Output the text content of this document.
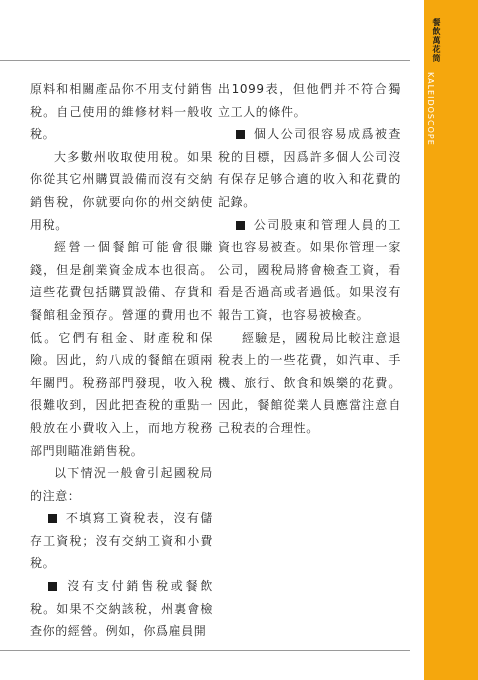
餐飲萬花筒
KALEIDOSCOPE

原料和相關產品你不用支付銷售稅。自己使用的維修材料一般收稅。

大多數州收取使用稅。如果你從其它州購買設備而沒有交納銷售稅，你就要向你的州交納使用稅。

經營一個餐館可能會很賺錢，但是創業資金成本也很高。這些花費包括購買設備、存貨和餐館租金預存。營運的費用也不低。它們有租金、財產稅和保險。因此，約八成的餐館在頭兩年關門。稅務部門發現，收入稅很難收到，因此把查稅的重點一般放在小費收入上，而地方稅務部門則瞄准銷售稅。

以下情況一般會引起國稅局的注意：

不填寫工資稅表，沒有儲存工資稅；沒有交納工資和小費稅。

沒有支付銷售稅或餐飲稅。如果不交納該稅，州裏會檢查你的經營。例如，你爲雇員開

出1099表，但他們并不符合獨立工人的條件。

個人公司很容易成爲被查稅的目標，因爲許多個人公司沒有保存足够合適的收入和花費的記錄。

公司股東和管理人員的工資也容易被查。如果你管理一家公司，國稅局將會檢查工資，看看是否過高或者過低。如果沒有報告工資，也容易被檢查。

經驗是，國稅局比較注意退稅表上的一些花費，如汽車、手機、旅行、飲食和娛樂的花費。因此，餐館從業人員應當注意自己稅表的合理性。
